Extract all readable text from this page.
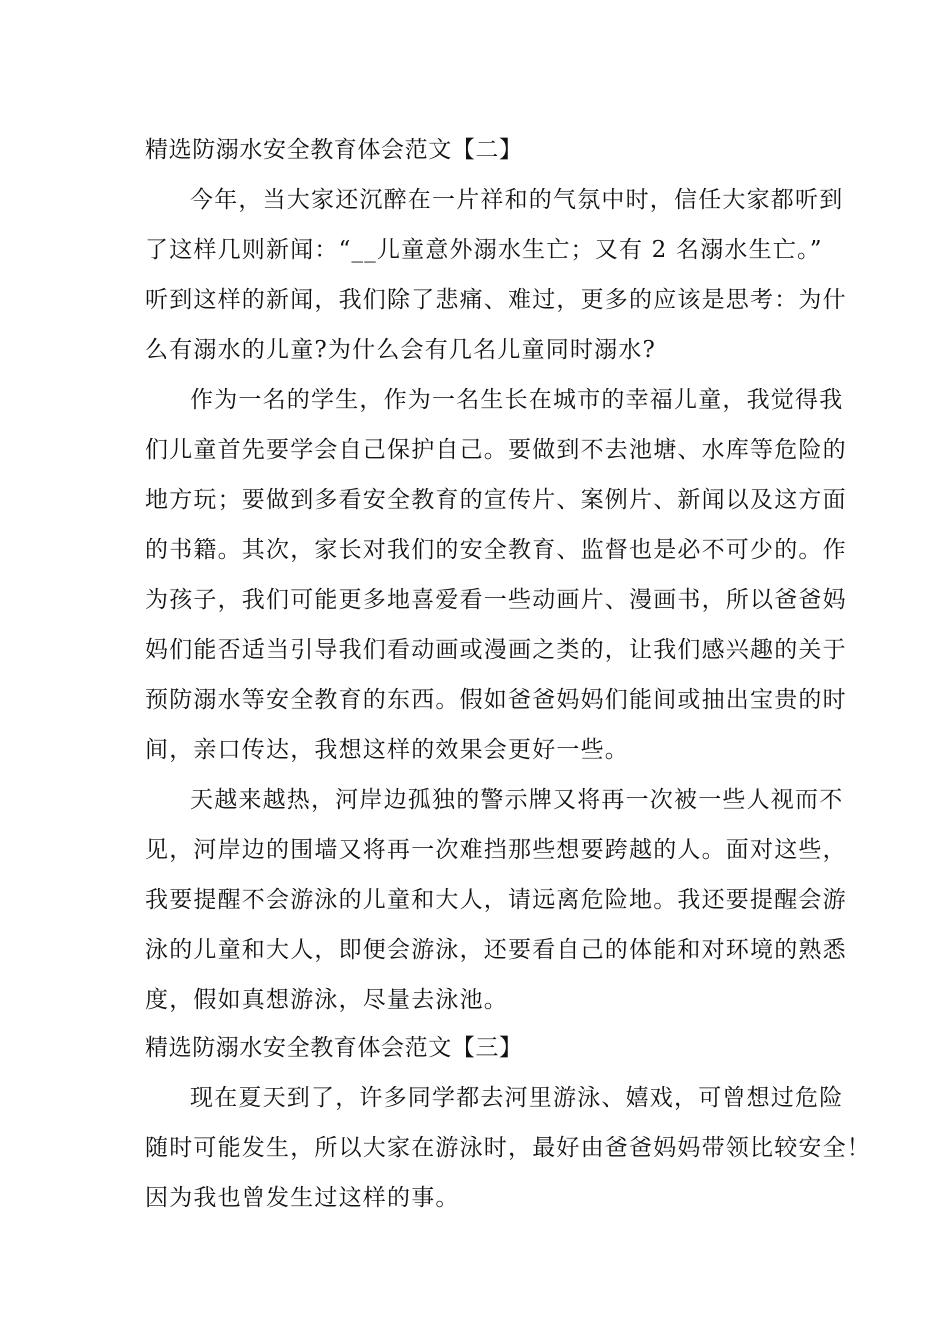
精选防溺水安全教育体会范文【二】

今年，当大家还沉醉在一片祥和的气氛中时，信任大家都听到

了这样几则新闻：“__儿童意外溺水生亡；又有 2 名溺水生亡。”

听到这样的新闻，我们除了悲痛、难过，更多的应该是思考：为什

么有溺水的儿童?为什么会有几名儿童同时溺水?

作为一名的学生，作为一名生长在城市的幸福儿童，我觉得我

们儿童首先要学会自己保护自己。要做到不去池塘、水库等危险的

地方玩；要做到多看安全教育的宣传片、案例片、新闻以及这方面

的书籍。其次，家长对我们的安全教育、监督也是必不可少的。作

为孩子，我们可能更多地喜爱看一些动画片、漫画书，所以爸爸妈

妈们能否适当引导我们看动画或漫画之类的，让我们感兴趣的关于

预防溺水等安全教育的东西。假如爸爸妈妈们能间或抽出宝贵的时

间，亲口传达，我想这样的效果会更好一些。

天越来越热，河岸边孤独的警示牌又将再一次被一些人视而不

见，河岸边的围墙又将再一次难挡那些想要跨越的人。面对这些，

我要提醒不会游泳的儿童和大人，请远离危险地。我还要提醒会游

泳的儿童和大人，即便会游泳，还要看自己的体能和对环境的熟悉

度，假如真想游泳，尽量去泳池。

精选防溺水安全教育体会范文【三】

现在夏天到了，许多同学都去河里游泳、嬉戏，可曾想过危险

随时可能发生，所以大家在游泳时，最好由爸爸妈妈带领比较安全！

因为我也曾发生过这样的事。
